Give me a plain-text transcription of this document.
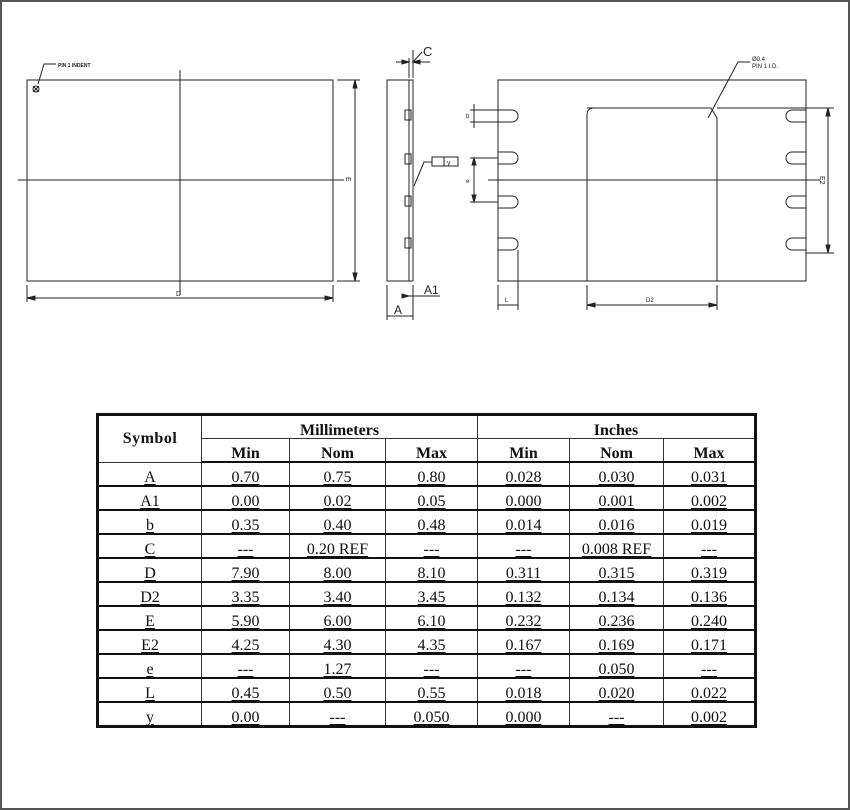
PIN 1 INDENT
Ø0.4
PIN 1 I.D.
D
E
C
A
A1
y
b
e
L	D2
E2
Symbol	Millimeters			Inches		
	Min	Nom	Max	Min	Nom	Max
A	0.70	0.75	0.80	0.028	0.030	0.031
A1	0.00	0.02	0.05	0.000	0.001	0.002
b	0.35	0.40	0.48	0.014	0.016	0.019
C	---	0.20 REF	---	---	0.008 REF	---
D	7.90	8.00	8.10	0.311	0.315	0.319
D2	3.35	3.40	3.45	0.132	0.134	0.136
E	5.90	6.00	6.10	0.232	0.236	0.240
E2	4.25	4.30	4.35	0.167	0.169	0.171
e	---	1.27	---	---	0.050	---
L	0.45	0.50	0.55	0.018	0.020	0.022
y	0.00	---	0.050	0.000	---	0.002
